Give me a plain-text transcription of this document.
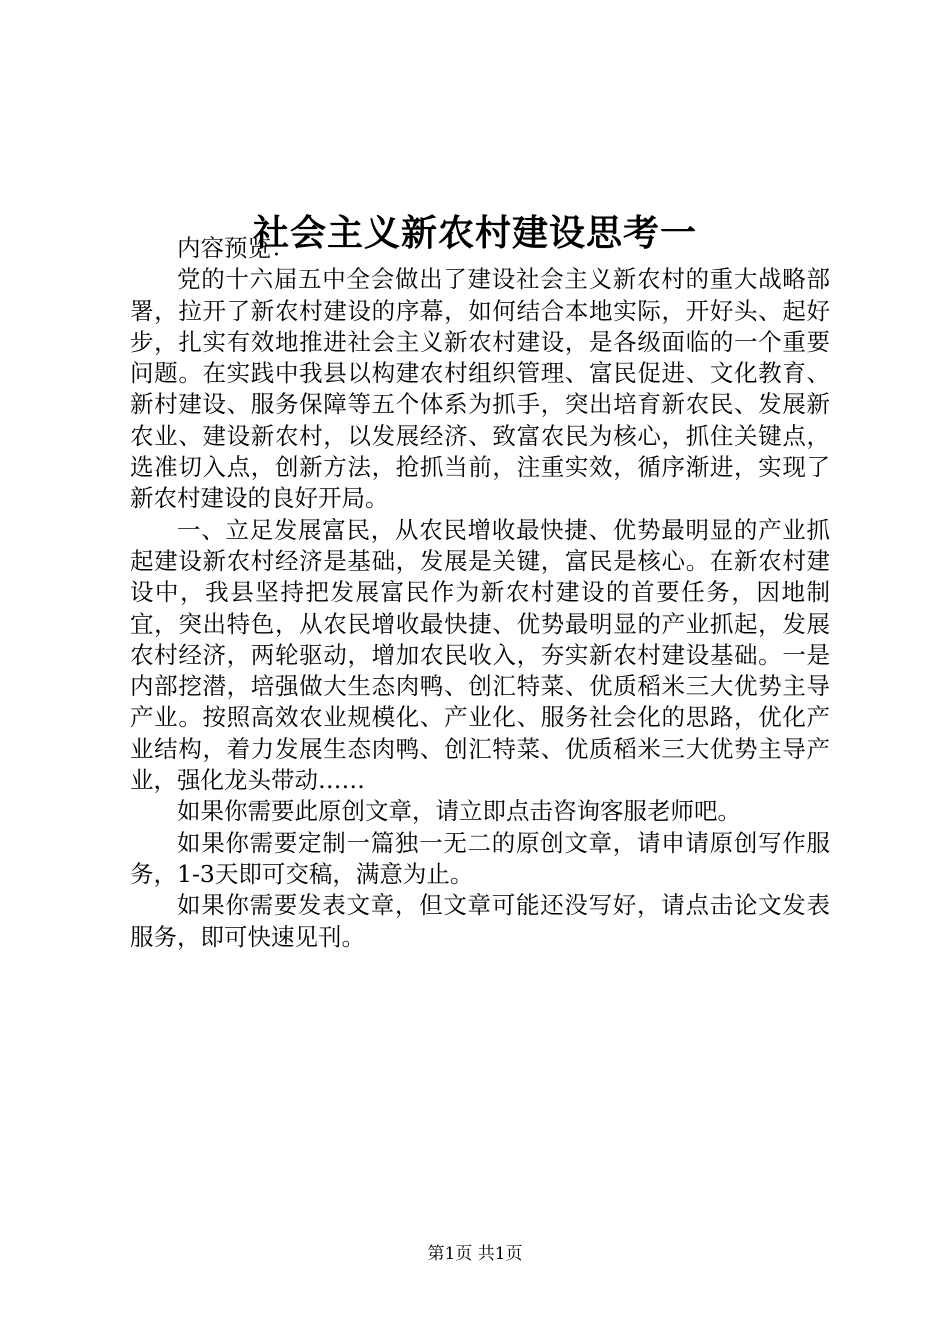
社会主义新农村建设思考一

内容预览：

党的十六届五中全会做出了建设社会主义新农村的重大战略部署，拉开了新农村建设的序幕，如何结合本地实际，开好头、起好步，扎实有效地推进社会主义新农村建设，是各级面临的一个重要问题。在实践中我县以构建农村组织管理、富民促进、文化教育、新村建设、服务保障等五个体系为抓手，突出培育新农民、发展新农业、建设新农村，以发展经济、致富农民为核心，抓住关键点，选准切入点，创新方法，抢抓当前，注重实效，循序渐进，实现了新农村建设的良好开局。

一、立足发展富民，从农民增收最快捷、优势最明显的产业抓起建设新农村经济是基础，发展是关键，富民是核心。在新农村建设中，我县坚持把发展富民作为新农村建设的首要任务，因地制宜，突出特色，从农民增收最快捷、优势最明显的产业抓起，发展农村经济，两轮驱动，增加农民收入，夯实新农村建设基础。一是内部挖潜，培强做大生态肉鸭、创汇特菜、优质稻米三大优势主导产业。按照高效农业规模化、产业化、服务社会化的思路，优化产业结构，着力发展生态肉鸭、创汇特菜、优质稻米三大优势主导产业，强化龙头带动……

如果你需要此原创文章，请立即点击咨询客服老师吧。

如果你需要定制一篇独一无二的原创文章，请申请原创写作服务，1-3天即可交稿，满意为止。

如果你需要发表文章，但文章可能还没写好，请点击论文发表服务，即可快速见刊。

第1页 共1页
